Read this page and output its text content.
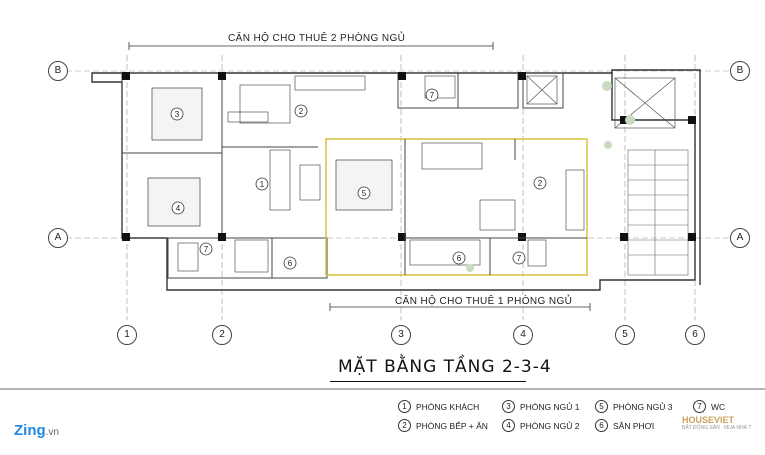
3	2
1
4
5
2
7
6
7
6	7
CĂN HỘ CHO THUÊ 2 PHÒNG NGỦ
CĂN HỘ CHO THUÊ 1 PHÒNG NGỦ
B	B
A	A
1	2	3	4	5	6
MẶT BẰNG TẦNG 2-3-4
1	PHÒNG KHÁCH
2	PHÒNG BẾP + ĂN
3	PHÒNG NGỦ 1
4	PHÒNG NGỦ 2
5	PHÒNG NGỦ 3
6	SÂN PHƠI
7	WC
Zing.vn
HOUSEVIET
BẤT ĐỘNG SẢN · MUA NHÀ ?
